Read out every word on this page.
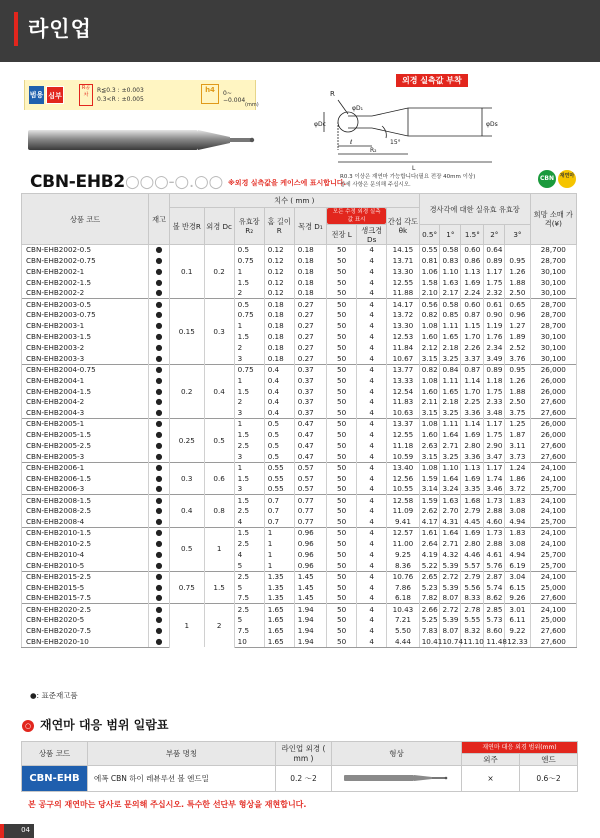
라인업
범용 심부
R공차
R≦0.3 : ±0.003
0.3<R : ±0.005
h4	0~ −0.004
(mm)
외경 실측값 부착
R
φD₁
φDc	φDs
ℓ
R₂
L
15°
CBN-EHB2○○○-○.○○ ※외경 실측값을 케이스에 표시합니다.
R0.3 이상은 재연마 가능합니다(필요 전장 40mm 이상)
상세 사항은 문의해 주십시오.
CBN	재연마
상품 코드	재고	치수 ( mm )								경사각에 대한 실유효 유효장					희망 소매 가격(¥)
		볼 반경R	외경 Dc	유효장 R₂	홈 길이 R	목경 D₁	모든 수정 외경 실측값 표시		간섭 각도 θk						
							전장 L	섕크경 Ds		0.5°	1°	1.5°	2°	3°	
CBN-EHB2002-0.5	●	0.1	0.2	0.5	0.12	0.18	50	4	14.15	0.55	0.58	0.60	0.64		28,700
CBN-EHB2002-0.75	●			0.75	0.12	0.18	50	4	13.71	0.81	0.83	0.86	0.89	0.95	28,700
CBN-EHB2002-1	●			1	0.12	0.18	50	4	13.30	1.06	1.10	1.13	1.17	1.26	30,100
CBN-EHB2002-1.5	●			1.5	0.12	0.18	50	4	12.55	1.58	1.63	1.69	1.75	1.88	30,100
CBN-EHB2002-2	●			2	0.12	0.18	50	4	11.88	2.10	2.17	2.24	2.32	2.50	30,100
CBN-EHB2003-0.5	●	0.15	0.3	0.5	0.18	0.27	50	4	14.17	0.56	0.58	0.60	0.61	0.65	28,700
CBN-EHB2003-0.75	●			0.75	0.18	0.27	50	4	13.72	0.82	0.85	0.87	0.90	0.96	28,700
CBN-EHB2003-1	●			1	0.18	0.27	50	4	13.30	1.08	1.11	1.15	1.19	1.27	28,700
CBN-EHB2003-1.5	●			1.5	0.18	0.27	50	4	12.53	1.60	1.65	1.70	1.76	1.89	30,100
CBN-EHB2003-2	●			2	0.18	0.27	50	4	11.84	2.12	2.18	2.26	2.34	2.52	30,100
CBN-EHB2003-3	●			3	0.18	0.27	50	4	10.67	3.15	3.25	3.37	3.49	3.76	30,100
CBN-EHB2004-0.75	●	0.2	0.4	0.75	0.4	0.37	50	4	13.77	0.82	0.84	0.87	0.89	0.95	26,000
CBN-EHB2004-1	●			1	0.4	0.37	50	4	13.33	1.08	1.11	1.14	1.18	1.26	26,000
CBN-EHB2004-1.5	●			1.5	0.4	0.37	50	4	12.54	1.60	1.65	1.70	1.75	1.88	26,000
CBN-EHB2004-2	●			2	0.4	0.37	50	4	11.83	2.11	2.18	2.25	2.33	2.50	27,600
CBN-EHB2004-3	●			3	0.4	0.37	50	4	10.63	3.15	3.25	3.36	3.48	3.75	27,600
CBN-EHB2005-1	●	0.25	0.5	1	0.5	0.47	50	4	13.37	1.08	1.11	1.14	1.17	1.25	26,000
CBN-EHB2005-1.5	●			1.5	0.5	0.47	50	4	12.55	1.60	1.64	1.69	1.75	1.87	26,000
CBN-EHB2005-2.5	●			2.5	0.5	0.47	50	4	11.18	2.63	2.71	2.80	2.90	3.11	27,600
CBN-EHB2005-3	●			3	0.5	0.47	50	4	10.59	3.15	3.25	3.36	3.47	3.73	27,600
CBN-EHB2006-1	●	0.3	0.6	1	0.55	0.57	50	4	13.40	1.08	1.10	1.13	1.17	1.24	24,100
CBN-EHB2006-1.5	●			1.5	0.55	0.57	50	4	12.56	1.59	1.64	1.69	1.74	1.86	24,100
CBN-EHB2006-3	●			3	0.55	0.57	50	4	10.55	3.14	3.24	3.35	3.46	3.72	25,700
CBN-EHB2008-1.5	●	0.4	0.8	1.5	0.7	0.77	50	4	12.58	1.59	1.63	1.68	1.73	1.83	24,100
CBN-EHB2008-2.5	●			2.5	0.7	0.77	50	4	11.09	2.62	2.70	2.79	2.88	3.08	24,100
CBN-EHB2008-4	●			4	0.7	0.77	50	4	9.41	4.17	4.31	4.45	4.60	4.94	25,700
CBN-EHB2010-1.5	●	0.5	1	1.5	1	0.96	50	4	12.57	1.61	1.64	1.69	1.73	1.83	24,100
CBN-EHB2010-2.5	●			2.5	1	0.96	50	4	11.00	2.64	2.71	2.80	2.88	3.08	24,100
CBN-EHB2010-4	●			4	1	0.96	50	4	9.25	4.19	4.32	4.46	4.61	4.94	25,700
CBN-EHB2010-5	●			5	1	0.96	50	4	8.36	5.22	5.39	5.57	5.76	6.19	25,700
CBN-EHB2015-2.5	●	0.75	1.5	2.5	1.35	1.45	50	4	10.76	2.65	2.72	2.79	2.87	3.04	24,100
CBN-EHB2015-5	●			5	1.35	1.45	50	4	7.86	5.23	5.39	5.56	5.74	6.15	25,000
CBN-EHB2015-7.5	●			7.5	1.35	1.45	50	4	6.18	7.82	8.07	8.33	8.62	9.26	27,600
CBN-EHB2020-2.5	●	1	2	2.5	1.65	1.94	50	4	10.43	2.66	2.72	2.78	2.85	3.01	24,100
CBN-EHB2020-5	●			5	1.65	1.94	50	4	7.21	5.25	5.39	5.55	5.73	6.11	25,000
CBN-EHB2020-7.5	●			7.5	1.65	1.94	50	4	5.50	7.83	8.07	8.32	8.60	9.22	27,600
CBN-EHB2020-10	●			10	1.65	1.94	50	4	4.44	10.41	10.74	11.10	11.48	12.33	27,600
●: 표준재고품
○ 재연마 대응 범위 일람표
상품 코드	부품 명칭	라인업 외경 ( mm )	형상	재연마 대응 외경 범위(mm)	
				외주	엔드
CBN-EHB	에폭 CBN 하이 레뷰루션 볼 엔드밀	0.2 ～2		×	0.6～2
본 공구의 재연마는 당사로 문의해 주십시오. 특수한 선단부 형상을 재현합니다.
04
